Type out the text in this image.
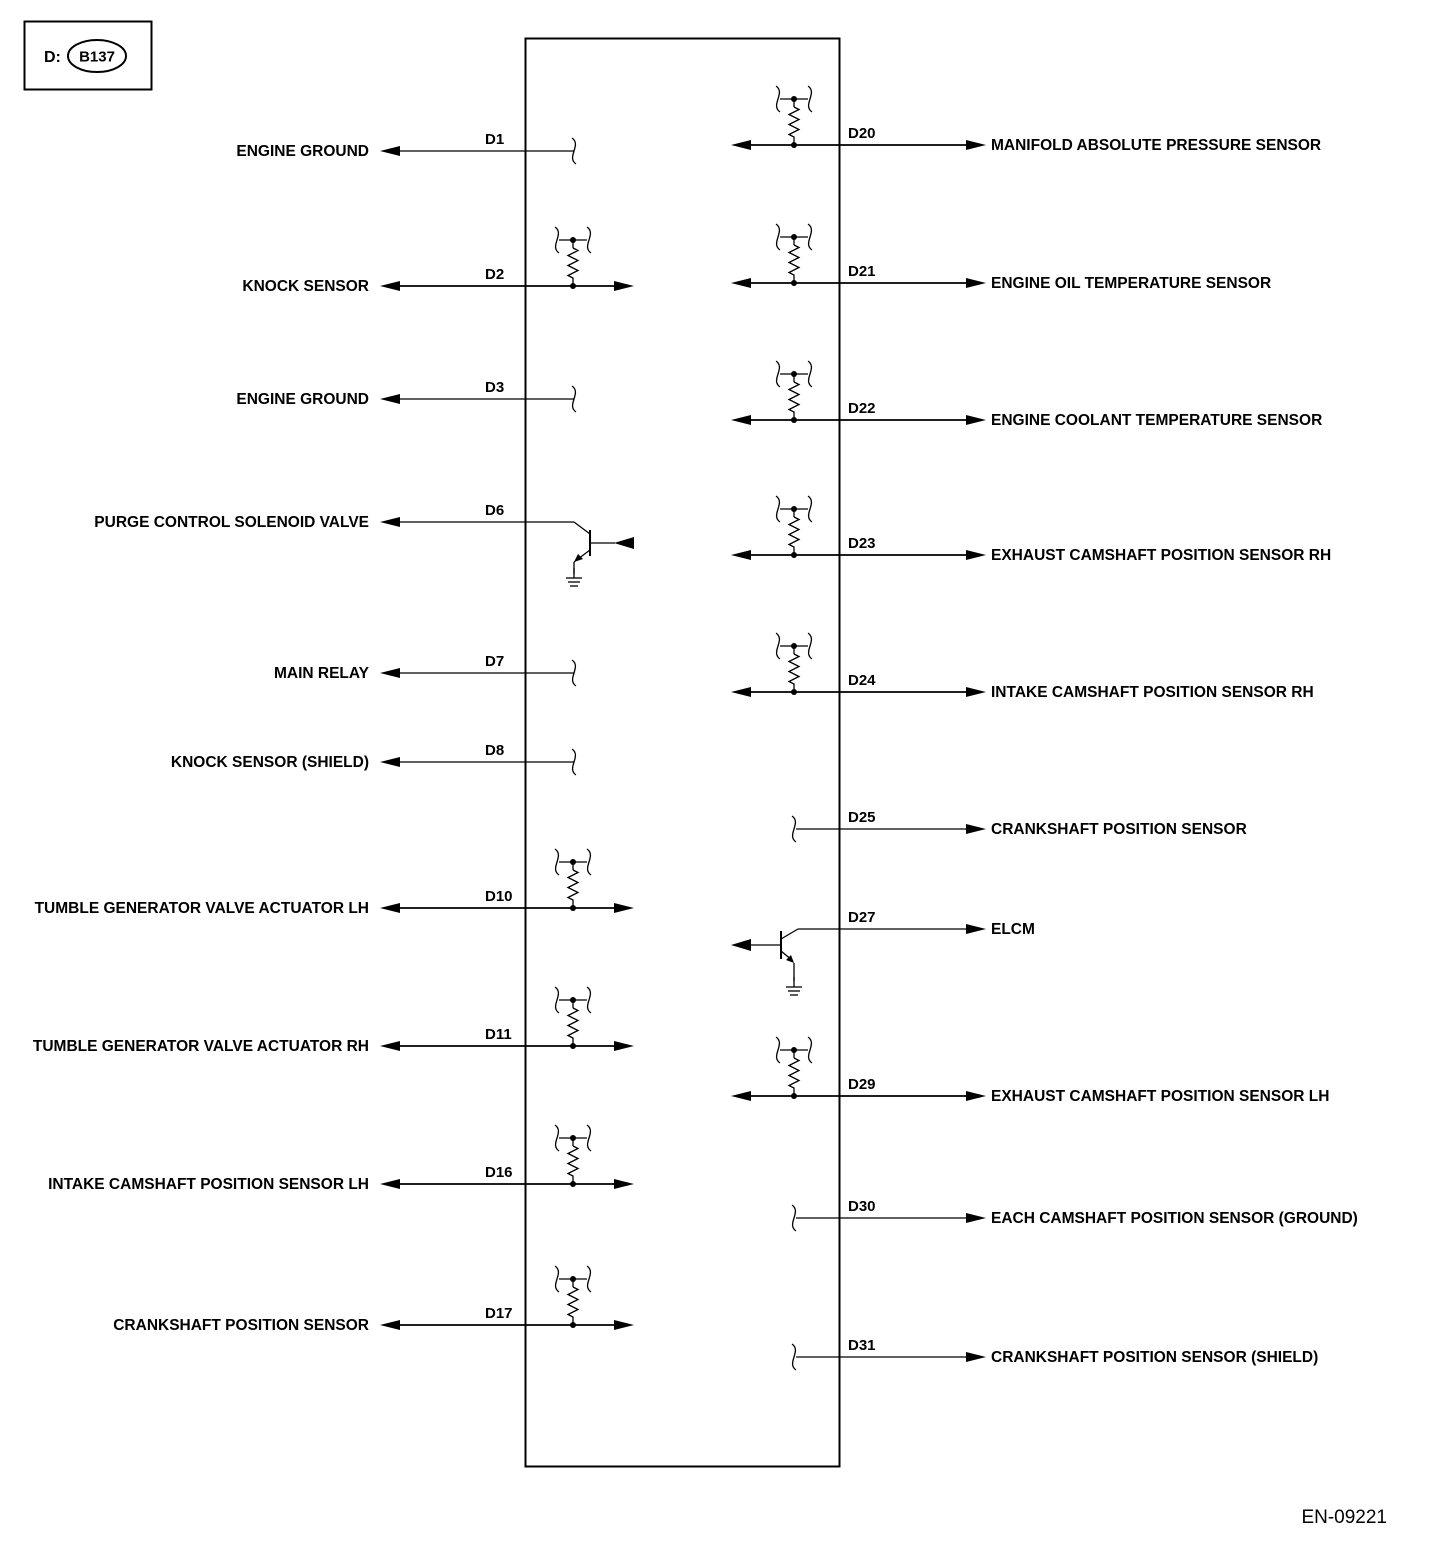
D: B137
ENGINE GROUND
D1
KNOCK SENSOR
D2
ENGINE GROUND
D3
PURGE CONTROL SOLENOID VALVE
D6
MAIN RELAY
D7
KNOCK SENSOR (SHIELD)
D8
TUMBLE GENERATOR VALVE ACTUATOR LH
D10
TUMBLE GENERATOR VALVE ACTUATOR RH
D11
INTAKE CAMSHAFT POSITION SENSOR LH
D16
CRANKSHAFT POSITION SENSOR
D17
MANIFOLD ABSOLUTE PRESSURE SENSOR
D20
ENGINE OIL TEMPERATURE SENSOR
D21
ENGINE COOLANT TEMPERATURE SENSOR
D22
EXHAUST CAMSHAFT POSITION SENSOR RH
D23
INTAKE CAMSHAFT POSITION SENSOR RH
D24
CRANKSHAFT POSITION SENSOR
D25
ELCM
D27
EXHAUST CAMSHAFT POSITION SENSOR LH
D29
EACH CAMSHAFT POSITION SENSOR (GROUND)
D30
CRANKSHAFT POSITION SENSOR (SHIELD)
D31
EN-09221
